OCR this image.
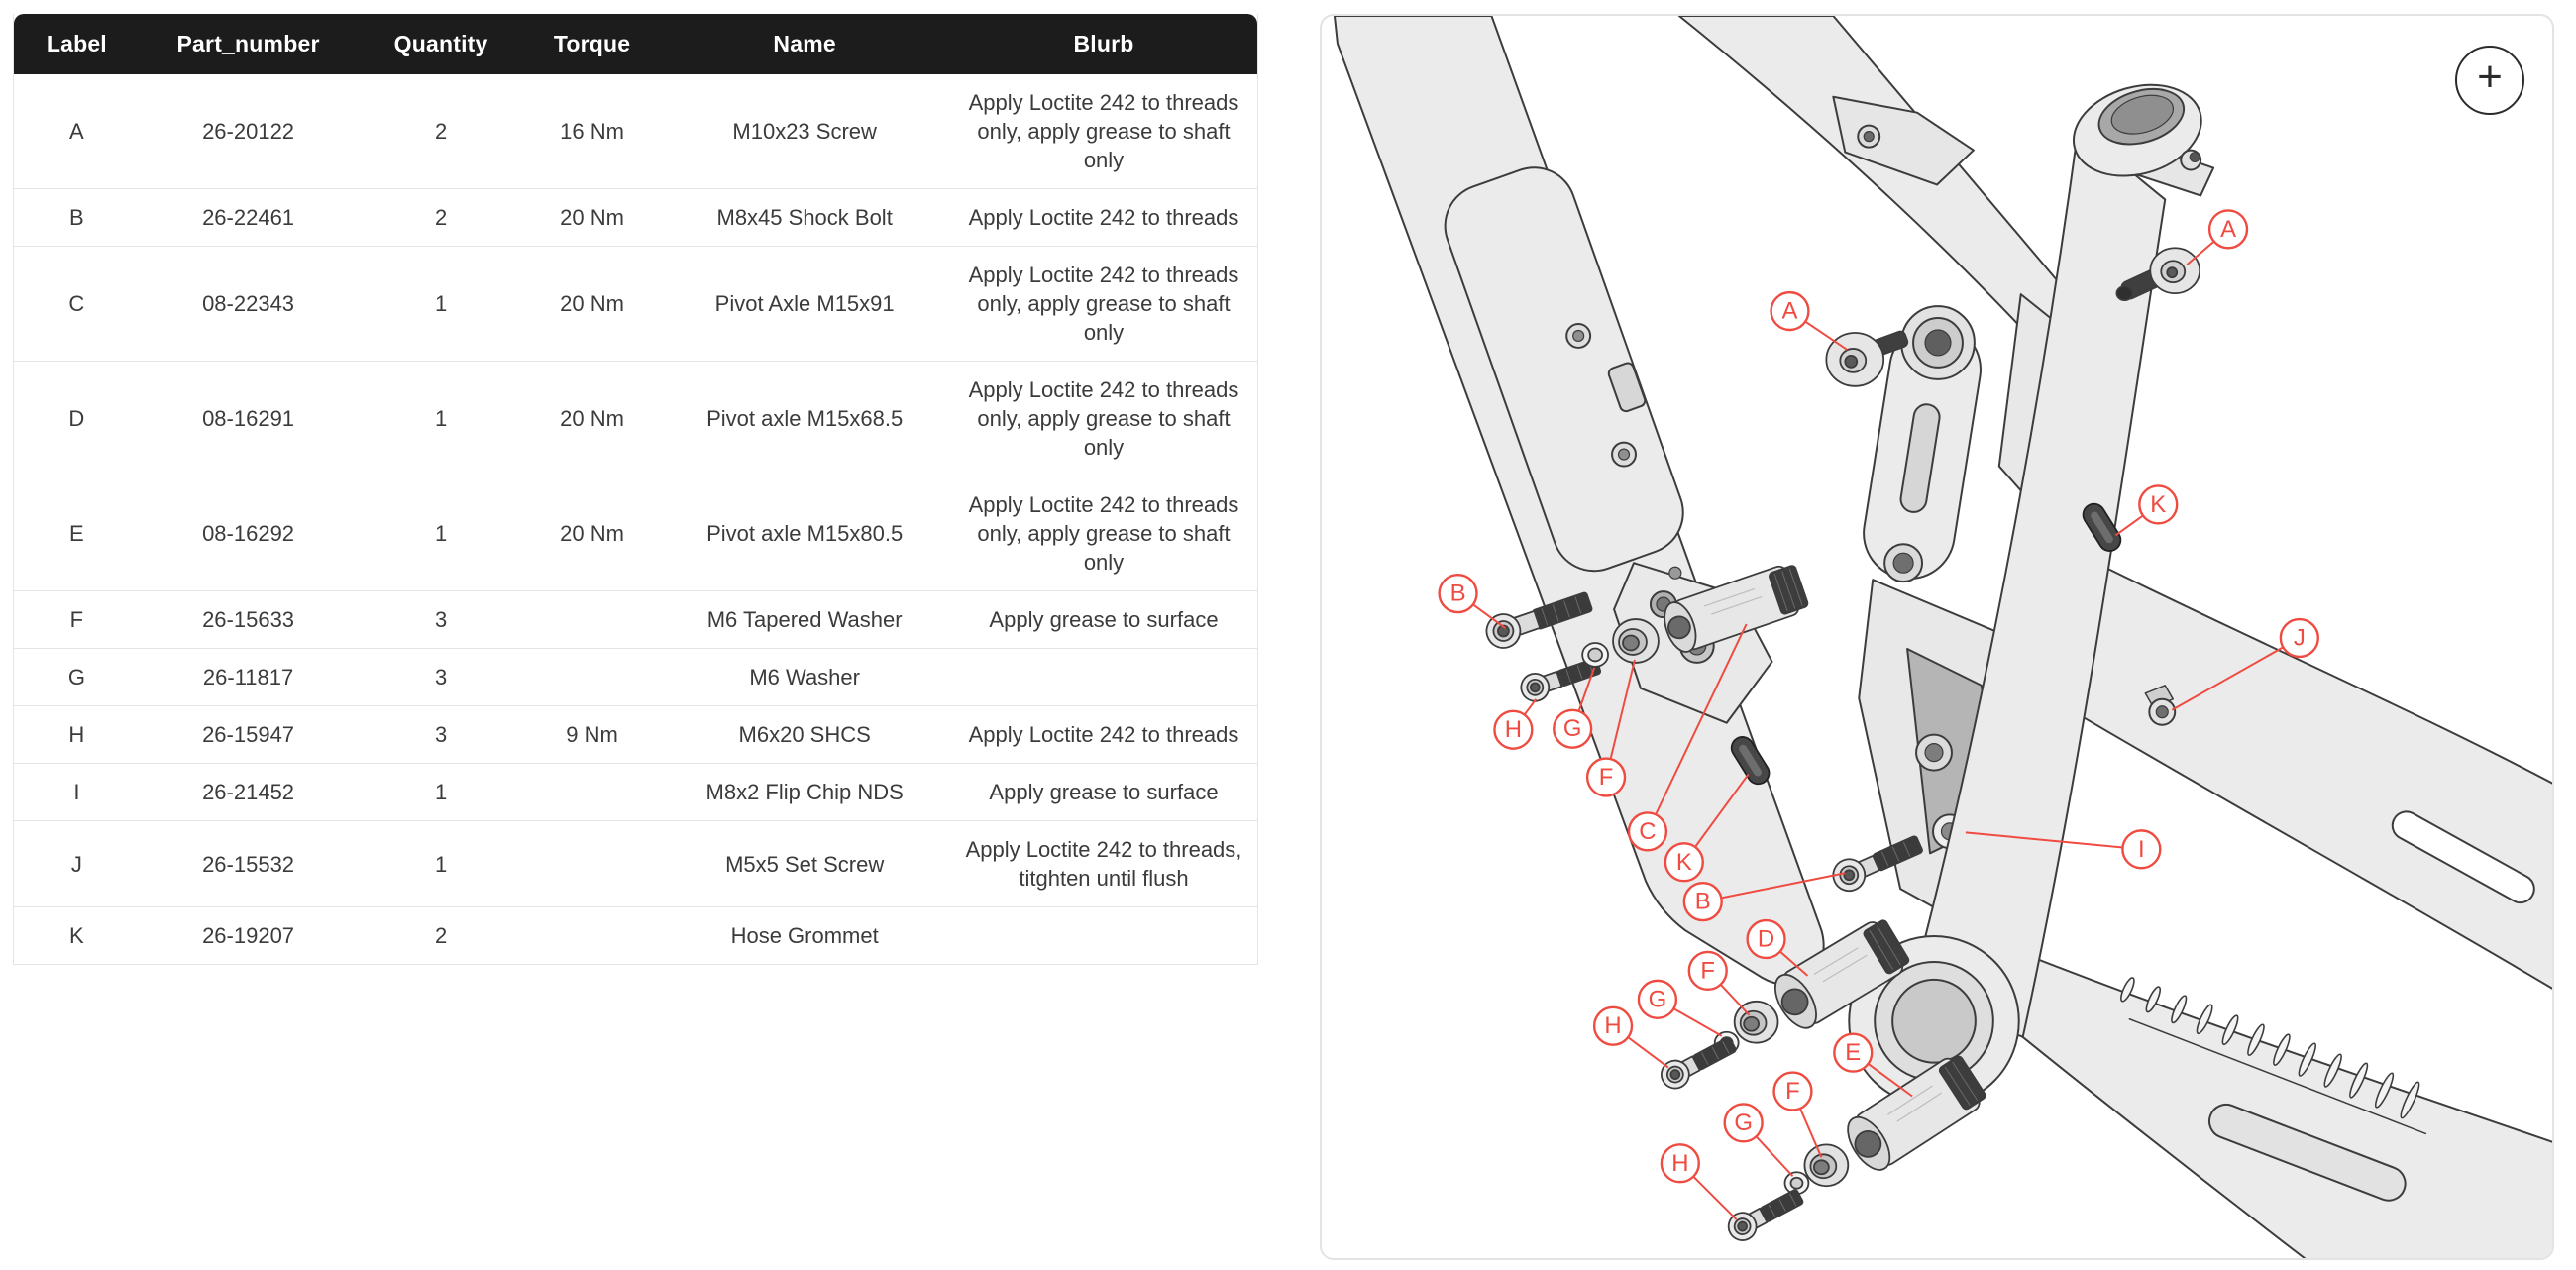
Label	Part_number	Quantity	Torque	Name	Blurb
A	26-20122	2	16 Nm	M10x23 Screw	Apply Loctite 242 to threads only, apply grease to shaft only
B	26-22461	2	20 Nm	M8x45 Shock Bolt	Apply Loctite 242 to threads
C	08-22343	1	20 Nm	Pivot Axle M15x91	Apply Loctite 242 to threads only, apply grease to shaft only
D	08-16291	1	20 Nm	Pivot axle M15x68.5	Apply Loctite 242 to threads only, apply grease to shaft only
E	08-16292	1	20 Nm	Pivot axle M15x80.5	Apply Loctite 242 to threads only, apply grease to shaft only
F	26-15633	3		M6 Tapered Washer	Apply grease to surface
G	26-11817	3		M6 Washer	
H	26-15947	3	9 Nm	M6x20 SHCS	Apply Loctite 242 to threads
I	26-21452	1		M8x2 Flip Chip NDS	Apply grease to surface
J	26-15532	1		M5x5 Set Screw	Apply Loctite 242 to threads, titghten until flush
K	26-19207	2		Hose Grommet	
+
A
A
B
B
C
D
E
F
F
F
G
G
G
H
H
H
I
J
K
K
